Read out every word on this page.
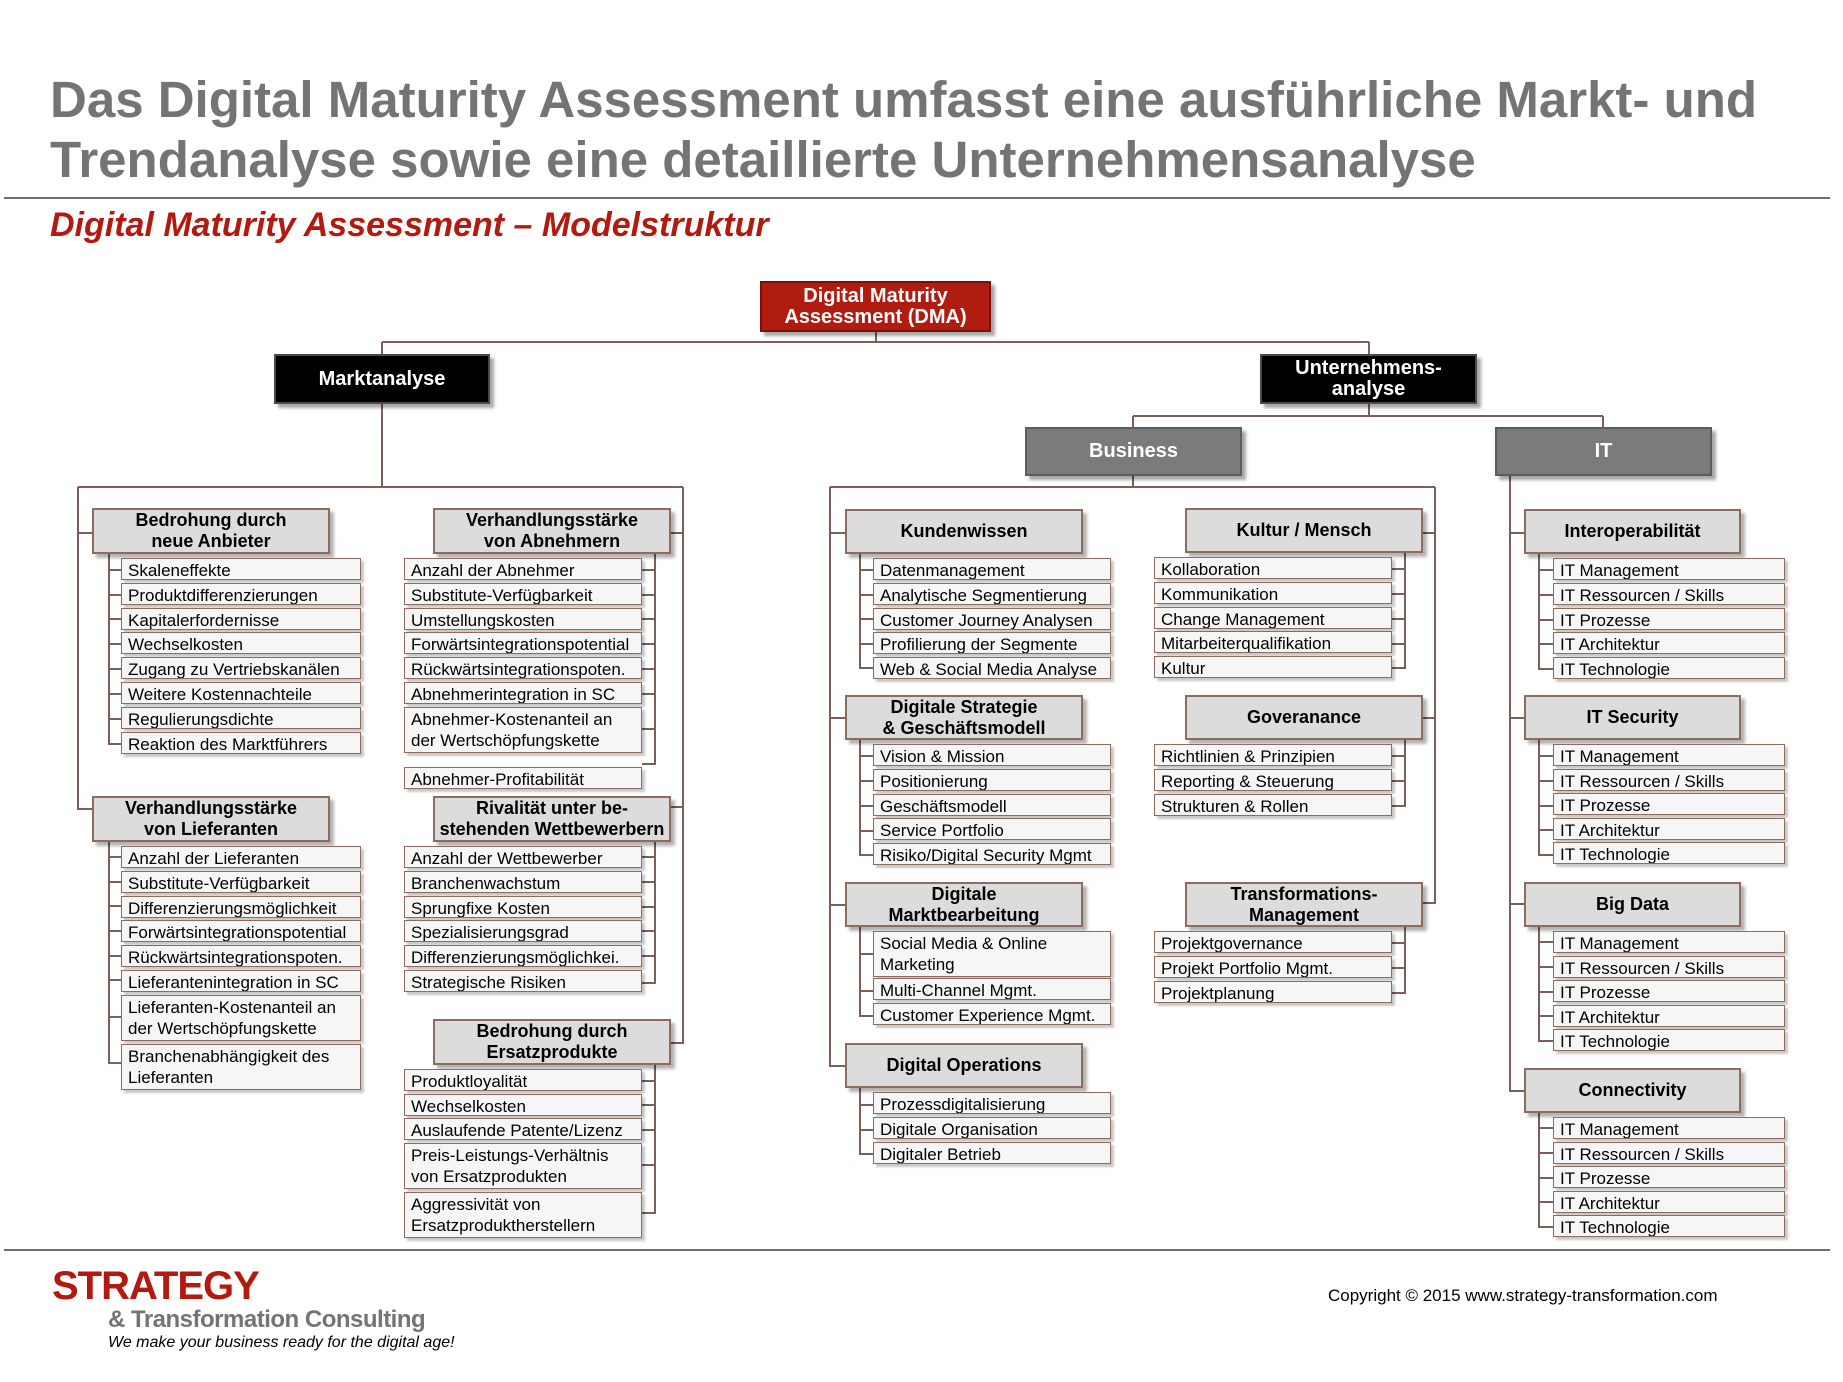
Das Digital Maturity Assessment umfasst eine ausführliche Markt- und Trendanalyse sowie eine detaillierte Unternehmensanalyse
Digital Maturity Assessment – Modelstruktur
Digital Maturity
Assessment (DMA)
Marktanalyse	Unternehmens-
analyse
Business	IT
Bedrohung durch
neue Anbieter
Skaleneffekte
Produktdifferenzierungen
Kapitalerfordernisse
Wechselkosten
Zugang zu Vertriebskanälen
Weitere Kostennachteile
Regulierungsdichte
Reaktion des Marktführers
Verhandlungsstärke
von Lieferanten
Anzahl der Lieferanten
Substitute-Verfügbarkeit
Differenzierungsmöglichkeit
Forwärtsintegrationspotential
Rückwärtsintegrationspoten.
Lieferantenintegration in SC
Lieferanten-Kostenanteil an
der Wertschöpfungskette
Branchenabhängigkeit des
Lieferanten
Verhandlungsstärke
von Abnehmern
Anzahl der Abnehmer
Substitute-Verfügbarkeit
Umstellungskosten
Forwärtsintegrationspotential
Rückwärtsintegrationspoten.
Abnehmerintegration in SC
Abnehmer-Kostenanteil an
der Wertschöpfungskette
Abnehmer-Profitabilität
Rivalität unter be-
stehenden Wettbewerbern
Anzahl der Wettbewerber
Branchenwachstum
Sprungfixe Kosten
Spezialisierungsgrad
Differenzierungsmöglichkei.
Strategische Risiken
Bedrohung durch
Ersatzprodukte
Produktloyalität
Wechselkosten
Auslaufende Patente/Lizenz
Preis-Leistungs-Verhältnis
von Ersatzprodukten
Aggressivität von
Ersatzproduktherstellern
Kundenwissen
Datenmanagement
Analytische Segmentierung
Customer Journey Analysen
Profilierung der Segmente
Web & Social Media Analyse
Digitale Strategie
& Geschäftsmodell
Vision & Mission
Positionierung
Geschäftsmodell
Service Portfolio
Risiko/Digital Security Mgmt
Digitale
Marktbearbeitung
Social Media & Online
Marketing
Multi-Channel Mgmt.
Customer Experience Mgmt.
Digital Operations
Prozessdigitalisierung
Digitale Organisation
Digitaler Betrieb
Kultur / Mensch
Kollaboration
Kommunikation
Change Management
Mitarbeiterqualifikation
Kultur
Goveranance
Richtlinien & Prinzipien
Reporting & Steuerung
Strukturen & Rollen
Transformations-
Management
Projektgovernance
Projekt Portfolio Mgmt.
Projektplanung
Interoperabilität
IT Management
IT Ressourcen / Skills
IT Prozesse
IT Architektur
IT Technologie
IT Security
IT Management
IT Ressourcen / Skills
IT Prozesse
IT Architektur
IT Technologie
Big Data
IT Management
IT Ressourcen / Skills
IT Prozesse
IT Architektur
IT Technologie
Connectivity
IT Management
IT Ressourcen / Skills
IT Prozesse
IT Architektur
IT Technologie
STRATEGY
& Transformation Consulting
We make your business ready for the digital age!
Copyright © 2015 www.strategy-transformation.com
